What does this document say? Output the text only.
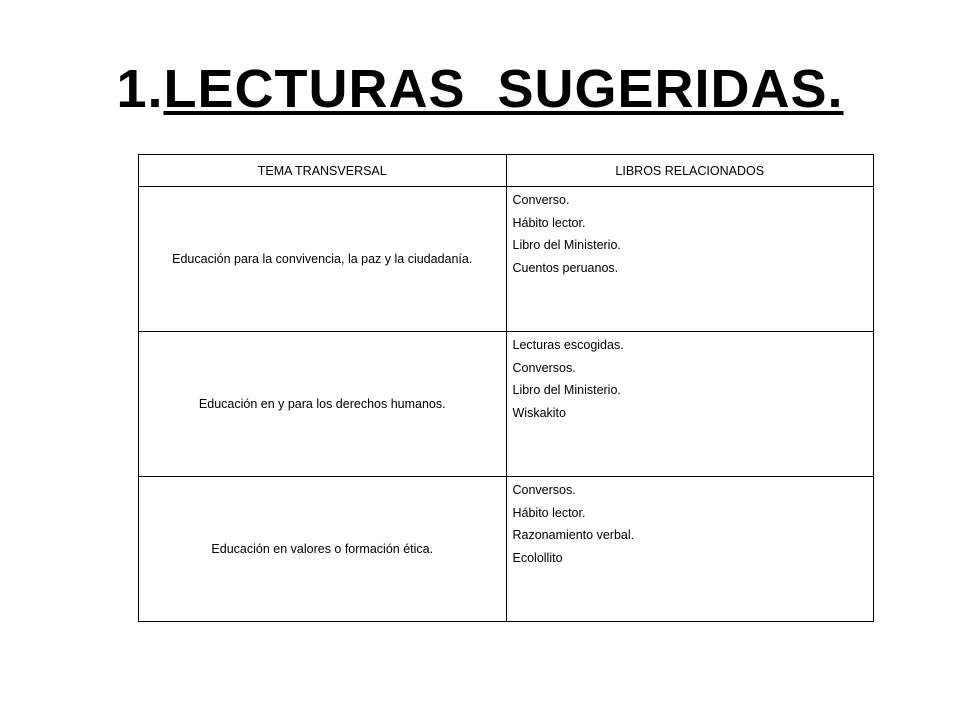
1.LECTURAS  SUGERIDAS.
TEMA TRANSVERSAL	LIBROS RELACIONADOS
Educación para la convivencia, la paz y la ciudadanía.	Converso.
Hábito lector.
Libro del Ministerio.
Cuentos peruanos.

Educación en y para los derechos humanos.	Lecturas escogidas.
Conversos.
Libro del Ministerio.
Wiskakito

Educación en valores o formación ética.	Conversos.
Hábito lector.
Razonamiento verbal.
Ecolollito
